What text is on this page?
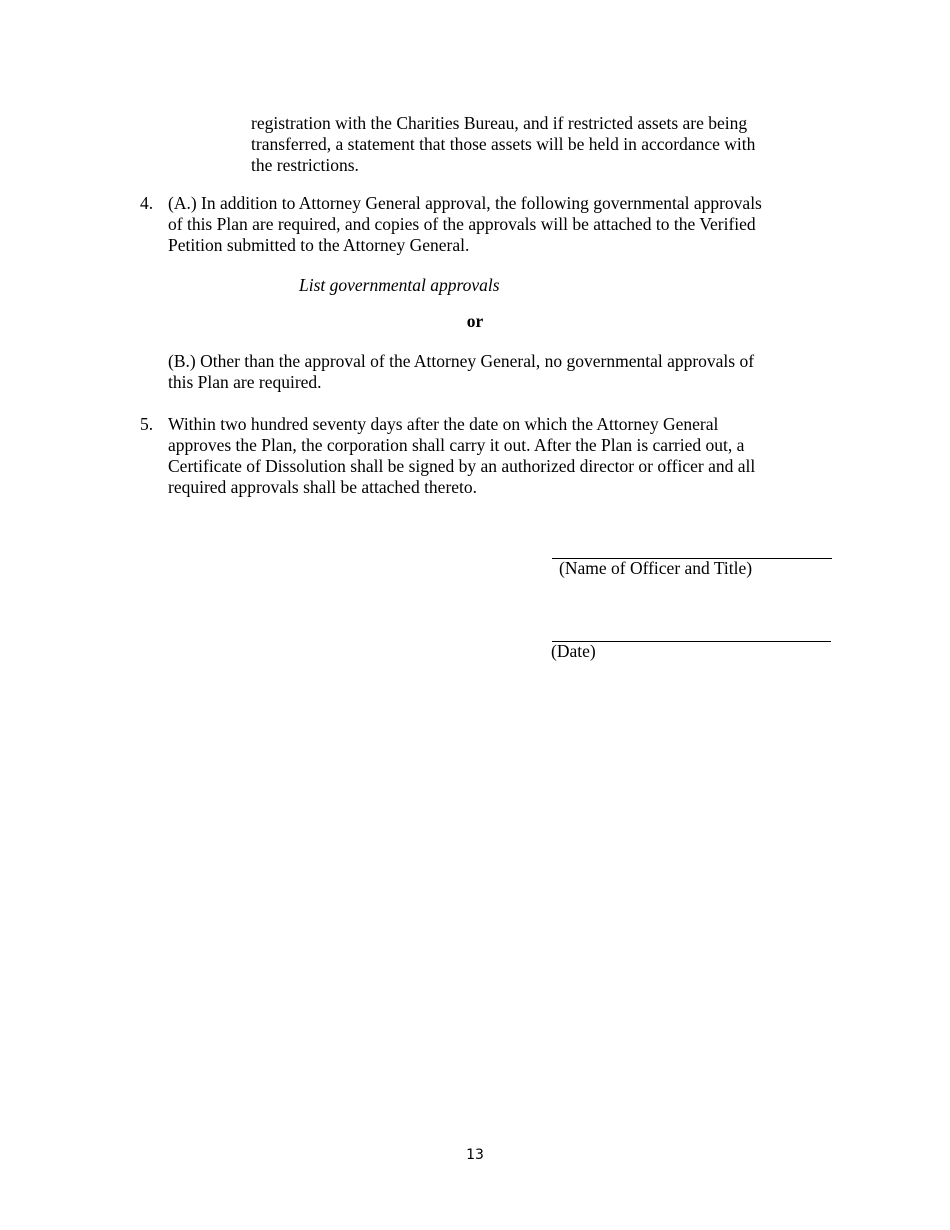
registration with the Charities Bureau, and if restricted assets are being

transferred, a statement that those assets will be held in accordance with

the restrictions.

4. (A.) In addition to Attorney General approval, the following governmental approvals

of this Plan are required, and copies of the approvals will be attached to the Verified

Petition submitted to the Attorney General.

List governmental approvals

or

(B.) Other than the approval of the Attorney General, no governmental approvals of

this Plan are required.

5. Within two hundred seventy days after the date on which the Attorney General

approves the Plan, the corporation shall carry it out. After the Plan is carried out, a

Certificate of Dissolution shall be signed by an authorized director or officer and all

required approvals shall be attached thereto.

(Name of Officer and Title)

(Date)

13
